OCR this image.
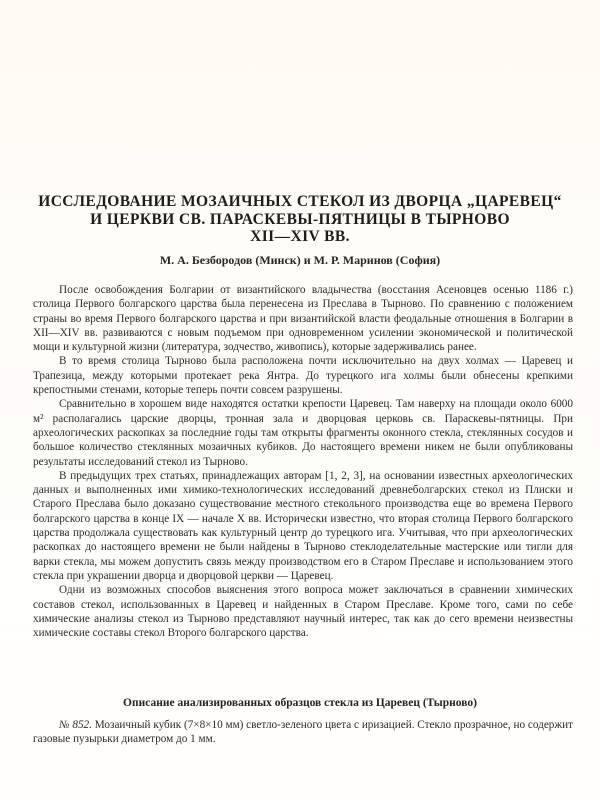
ИССЛЕДОВАНИЕ МОЗАИЧНЫХ СТЕКОЛ ИЗ ДВОРЦА „ЦАРЕВЕЦ“
И ЦЕРКВИ СВ. ПАРАСКЕВЫ-ПЯТНИЦЫ В ТЫРНОВО
XII—XIV ВВ.
М. А. Безбородов (Минск) и М. Р. Маринов (София)

После освобождения Болгарии от византийского владычества (восстания Асеновцев осенью 1186 г.) столица Первого болгарского царства была перенесена из Преслава в Тырново. По сравнению с положением страны во время Первого болгарского царства и при византийской власти феодальные отношения в Болгарии в XII—XIV вв. развиваются с новым подъемом при одновременном усилении экономической и политической мощи и культурной жизни (литература, зодчество, живопись), которые задерживались ранее.

В то время столица Тырново была расположена почти исключительно на двух холмах — Царевец и Трапезица, между которыми протекает река Янтра. До турецкого ига холмы были обнесены крепкими крепостными стенами, которые теперь почти совсем разрушены.

Сравнительно в хорошем виде находятся остатки крепости Царевец. Там наверху на площади около 6000 м² располагались царские дворцы, тронная зала и дворцовая церковь св. Параскевы-пятницы. При археологических раскопках за последние годы там открыты фрагменты оконного стекла, стеклянных сосудов и большое количество стеклянных мозаичных кубиков. До настоящего времени никем не были опубликованы результаты исследований стекол из Тырново.

В предыдущих трех статьях, принадлежащих авторам [1, 2, 3], на основании известных археологических данных и выполненных ими химико-технологических исследований древнеболгарских стекол из Плиски и Старого Преслава было доказано существование местного стекольного производства еще во времена Первого болгарского царства в конце IX — начале X вв. Исторически известно, что вторая столица Первого болгарского царства продолжала существовать как культурный центр до турецкого ига. Учитывая, что при археологических раскопках до настоящего времени не были найдены в Тырново стеклоделательные мастерские или тигли для варки стекла, мы можем допустить связь между производством его в Старом Преславе и использованием этого стекла при украшении дворца и дворцовой церкви — Царевец.

Одни из возможных способов выяснения этого вопроса может заключаться в сравнении химических составов стекол, использованных в Царевец и найденных в Старом Преславе. Кроме того, сами по себе химические анализы стекол из Тырново представляют научный интерес, так как до сего времени неизвестны химические составы стекол Второго болгарского царства.

Описание анализированных образцов стекла из Царевец (Тырново)

№ 852. Мозаичный кубик (7×8×10 мм) светло-зеленого цвета с иризацией. Стекло прозрачное, но содержит газовые пузырьки диаметром до 1 мм.
